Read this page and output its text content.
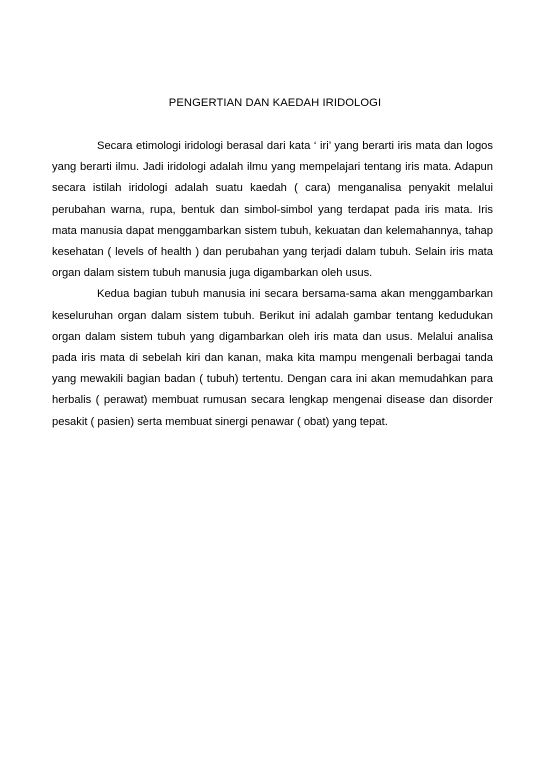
PENGERTIAN DAN KAEDAH IRIDOLOGI

Secara etimologi iridologi berasal dari kata ‘ iri’ yang berarti iris mata dan logos yang berarti ilmu. Jadi iridologi adalah ilmu yang mempelajari tentang iris mata. Adapun secara istilah iridologi adalah suatu kaedah ( cara) menganalisa penyakit melalui perubahan warna, rupa, bentuk dan simbol-simbol yang terdapat pada iris mata. Iris mata manusia dapat menggambarkan sistem tubuh, kekuatan dan kelemahannya, tahap kesehatan ( levels of health ) dan perubahan yang terjadi dalam tubuh. Selain iris mata organ dalam sistem tubuh manusia juga digambarkan oleh usus.

Kedua bagian tubuh manusia ini secara bersama-sama akan menggambarkan keseluruhan organ dalam sistem tubuh. Berikut ini adalah gambar tentang kedudukan organ dalam sistem tubuh yang digambarkan oleh iris mata dan usus. Melalui analisa pada iris mata di sebelah kiri dan kanan, maka kita mampu mengenali berbagai tanda yang mewakili bagian badan ( tubuh) tertentu. Dengan cara ini akan memudahkan para herbalis ( perawat) membuat rumusan secara lengkap mengenai disease dan disorder pesakit ( pasien) serta membuat sinergi penawar ( obat) yang tepat.
